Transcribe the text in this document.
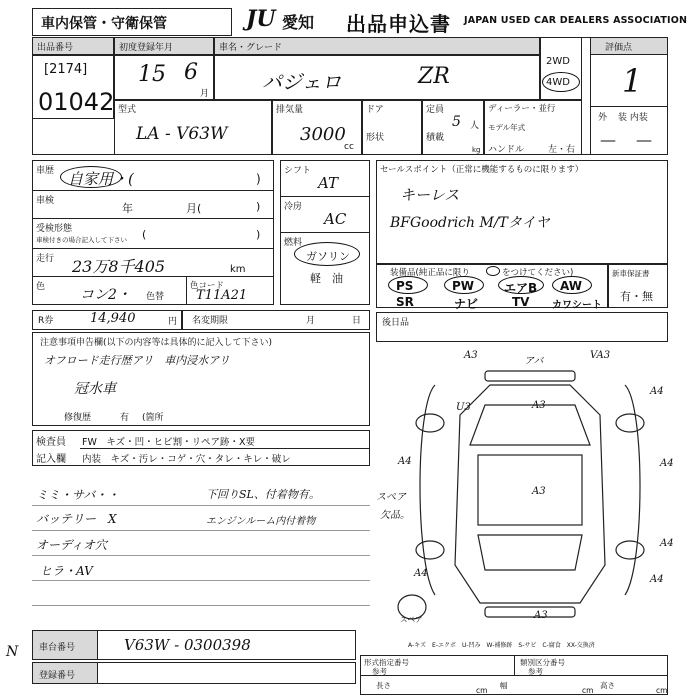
車内保管・守衛保管	JU 愛知 出品申込書 JAPAN USED CAR DEALERS ASSOCIATION
出品番号
[2174]
01042
初度登録年月
15 6
月
車名・グレード
パジェロ	ZR
2WD
4WD
評価点
1
外 装 内装
— —
型式
LA - V63W
排気量
3000
cc
ドア
形状
定員
5 人
積載
kg
ディーラー・並行
モデル年式
ハンドル	左・右
車歴 自家用・(	)
車検
年	月(	)
受検形態
車検付きの場合記入して下さい (	)
走行 23万8千405	km
色 コン2・ 色替
色コード
T11A21
シフト
AT
冷房
AC
燃料
ガソリン
軽　油
セールスポイント（正常に機能するものに限ります）
キーレス
BFGoodrich M/Tタイヤ
装備品(純正品に限り	をつけてください)
PS	PW エアB AW
SR	ナビ	TV カワシート
新車保証書
有・無
R券	14,940	円 名変期限	月	日
注意事項申告欄(以下の内容等は具体的に記入して下さい)
オフロード走行歴アリ　車内浸水アリ
冠水車
修復歴	有 (箇所
後日品
検査員
記入欄
FW　キズ・凹・ヒビ割・リペア跡・X要
内装　キズ・汚レ・コゲ・穴・タレ・キレ・破レ
ミミ・サバ・・
バッテリー　X
オーディオ穴
ヒラ・AV
下回りSL、付着物有。
エンジンルーム内付着物
スペア
欠品。
A3
アバ
VA3
A4
U3	A3
A4	A4
A4
A3
A4
A4
A3
スペア
A-キズ　E-エクボ　U-凹み　W-補修跡　S-サビ　C-腐食　XX-交換済
車台番号	V63W - 0300398
登録番号
形式指定番号
参考
類別区分番号
参考
長さ
cm
幅
cm
高さ
cm
N
